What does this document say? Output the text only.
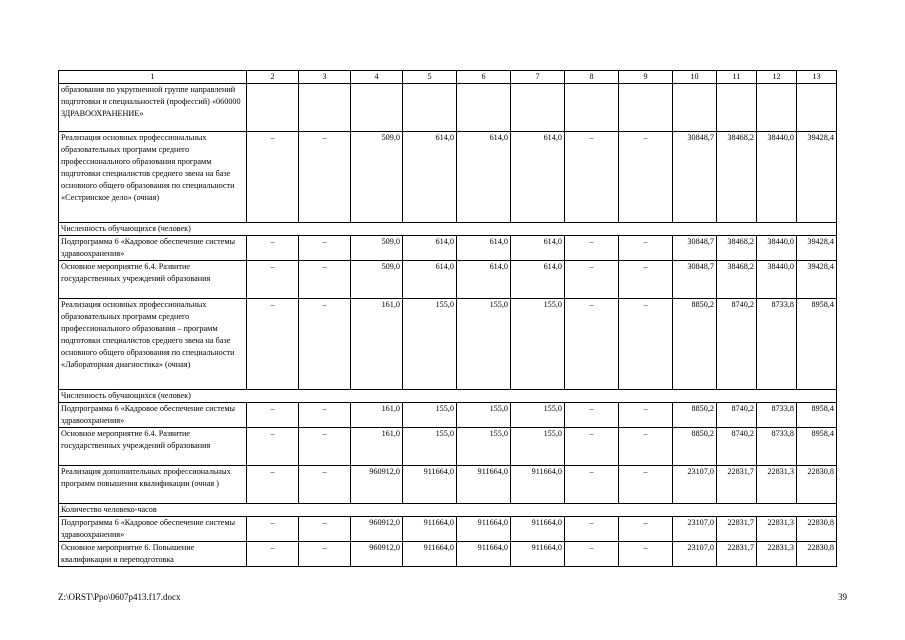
1	2	3	4	5	6	7	8	9	10	11	12	13
образования по укрупненной группе направлений подготовки и специальностей (профессий) «060000 ЗДРАВООХРАНЕНИЕ»												
Реализация основных профессиональных образовательных программ среднего профессионального образования программ подготовки специалистов среднего звена на базе основного общего образования по специальности «Сестринское дело» (очная)	–	–	509,0	614,0	614,0	614,0	–	–	30848,7	38468,2	38440,0	39428,4
Численность обучающихся (человек)												
Подпрограмма 6 «Кадровое обеспечение системы здравоохранения»	–	–	509,0	614,0	614,0	614,0	–	–	30848,7	38468,2	38440,0	39428,4
Основное мероприятие 6.4. Развитие государственных учреждений образования	–	–	509,0	614,0	614,0	614,0	–	–	30848,7	38468,2	38440,0	39428,4
Реализация основных профессиональных образовательных программ среднего профессионального образования – программ подготовки специалистов среднего звена на базе основного общего образования по специальности «Лабораторная диагностика» (очная)	–	–	161,0	155,0	155,0	155,0	–	–	8850,2	8740,2	8733,8	8958,4
Численность обучающихся (человек)												
Подпрограмма 6 «Кадровое обеспечение системы здравоохранения»	–	–	161,0	155,0	155,0	155,0	–	–	8850,2	8740,2	8733,8	8958,4
Основное мероприятие 6.4. Развитие государственных учреждений образования	–	–	161,0	155,0	155,0	155,0	–	–	8850,2	8740,2	8733,8	8958,4
Реализация дополнительных профессиональных программ повышения квалификации (очная )	–	–	960912,0	911664,0	911664,0	911664,0	–	–	23107,0	22831,7	22831,3	22830,8
Количество человеко-часов												
Подпрограмма 6 «Кадровое обеспечение системы здравоохранения»	–	–	960912,0	911664,0	911664,0	911664,0	–	–	23107,0	22831,7	22831,3	22830,8
Основное мероприятие 6. Повышение квалификации и переподготовка	–	–	960912,0	911664,0	911664,0	911664,0	–	–	23107,0	22831,7	22831,3	22830,8
Z:\ORST\Ppo\0607p413.f17.docx	39
